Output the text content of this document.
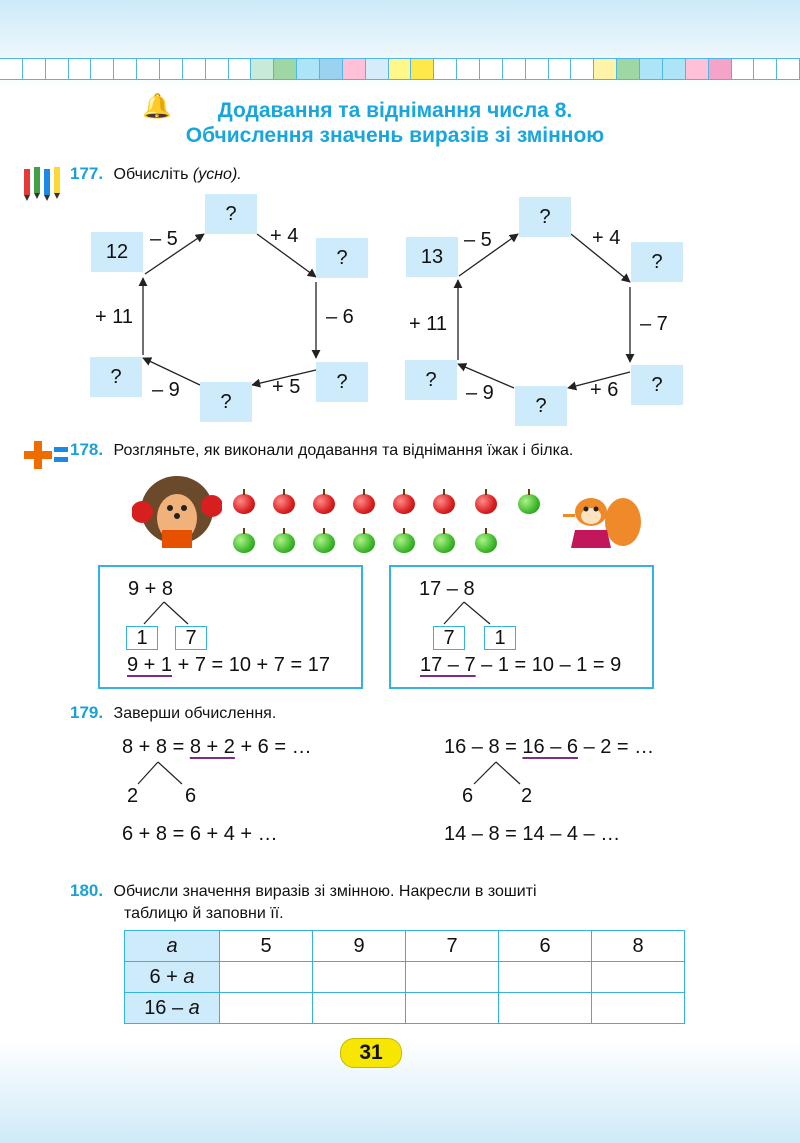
🔔	Додавання та віднімання числа 8.
Обчислення значень виразів зі змінною
177. Обчисліть (усно).
12
?
?
?
?
?
– 5	+ 4
– 6
+ 5
– 9
+ 11
13
?
?
?
?
?
– 5	+ 4
– 7
+ 6
– 9
+ 11
178. Розгляньте, як виконали додавання та віднімання їжак і білка.
9 + 8
1	7
9 + 1 + 7 = 10 + 7 = 17
17 – 8
7	1
17 – 7 – 1 = 10 – 1 = 9
179. Заверши обчислення.
8 + 8 = 8 + 2 + 6 = …
2 6
6 + 8 = 6 + 4 + …
16 – 8 = 16 – 6 – 2 = …
6 2
14 – 8 = 14 – 4 – …
180. Обчисли значення виразів зі змінною. Накресли в зошиті
таблицю й заповни її.
a	5	9	7	6	8
6 + a					
16 – a					
31
